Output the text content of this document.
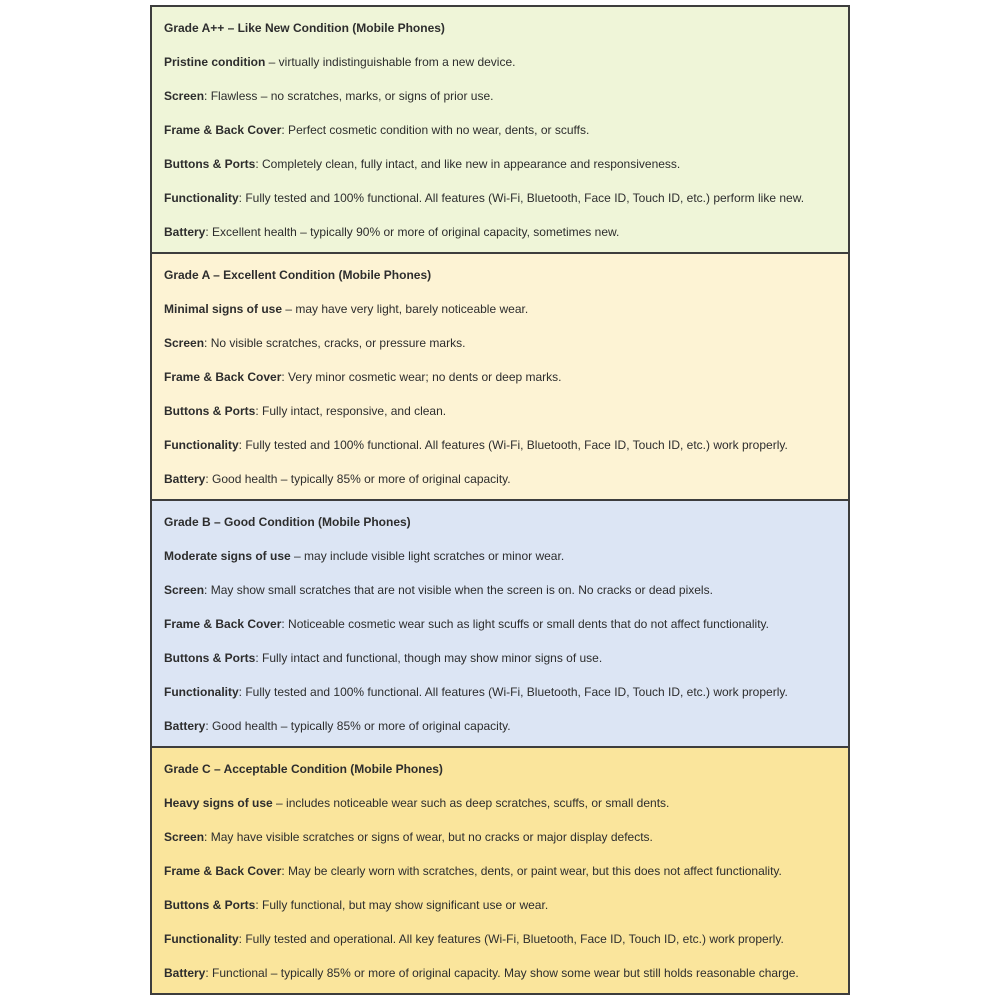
Grade A++ – Like New Condition (Mobile Phones)

Pristine condition – virtually indistinguishable from a new device.

Screen: Flawless – no scratches, marks, or signs of prior use.

Frame & Back Cover: Perfect cosmetic condition with no wear, dents, or scuffs.

Buttons & Ports: Completely clean, fully intact, and like new in appearance and responsiveness.

Functionality: Fully tested and 100% functional. All features (Wi-Fi, Bluetooth, Face ID, Touch ID, etc.) perform like new.

Battery: Excellent health – typically 90% or more of original capacity, sometimes new.

Grade A – Excellent Condition (Mobile Phones)

Minimal signs of use – may have very light, barely noticeable wear.

Screen: No visible scratches, cracks, or pressure marks.

Frame & Back Cover: Very minor cosmetic wear; no dents or deep marks.

Buttons & Ports: Fully intact, responsive, and clean.

Functionality: Fully tested and 100% functional. All features (Wi-Fi, Bluetooth, Face ID, Touch ID, etc.) work properly.

Battery: Good health – typically 85% or more of original capacity.

Grade B – Good Condition (Mobile Phones)

Moderate signs of use – may include visible light scratches or minor wear.

Screen: May show small scratches that are not visible when the screen is on. No cracks or dead pixels.

Frame & Back Cover: Noticeable cosmetic wear such as light scuffs or small dents that do not affect functionality.

Buttons & Ports: Fully intact and functional, though may show minor signs of use.

Functionality: Fully tested and 100% functional. All features (Wi-Fi, Bluetooth, Face ID, Touch ID, etc.) work properly.

Battery: Good health – typically 85% or more of original capacity.

Grade C – Acceptable Condition (Mobile Phones)

Heavy signs of use – includes noticeable wear such as deep scratches, scuffs, or small dents.

Screen: May have visible scratches or signs of wear, but no cracks or major display defects.

Frame & Back Cover: May be clearly worn with scratches, dents, or paint wear, but this does not affect functionality.

Buttons & Ports: Fully functional, but may show significant use or wear.

Functionality: Fully tested and operational. All key features (Wi-Fi, Bluetooth, Face ID, Touch ID, etc.) work properly.

Battery: Functional – typically 85% or more of original capacity. May show some wear but still holds reasonable charge.
